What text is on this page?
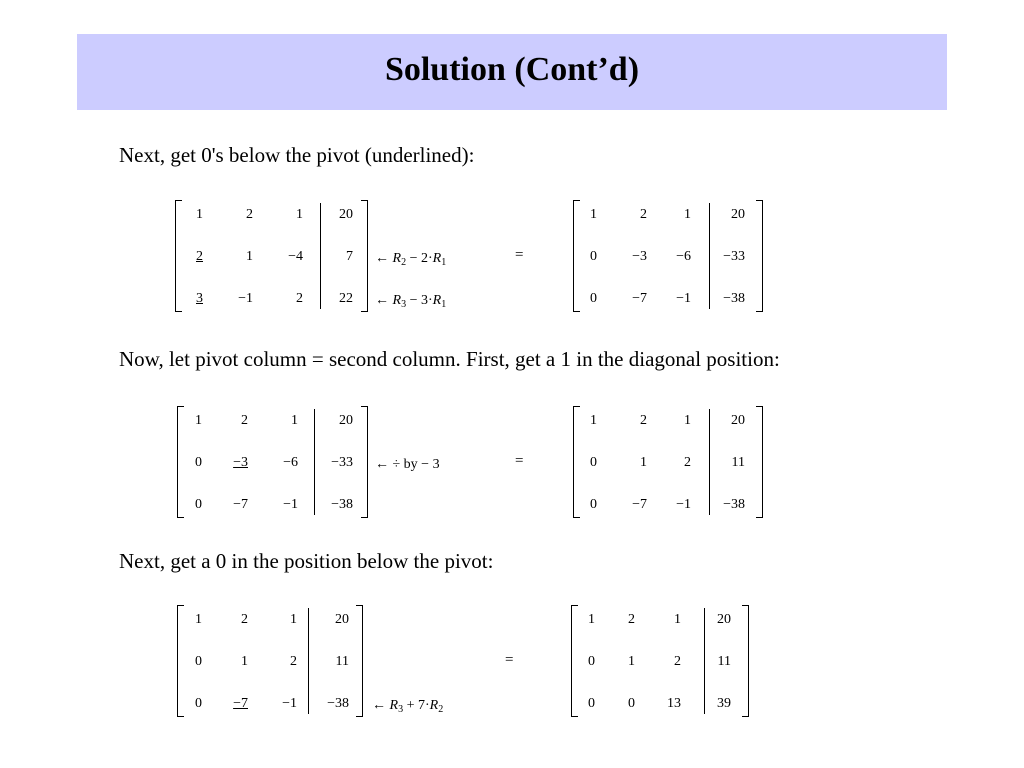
Solution (Cont’d)
Next, get 0's below the pivot (underlined):
Now, let pivot column = second column. First, get a 1 in the diagonal position:
Next, get a 0 in the position below the pivot:
1	2	1	20
2	1	−4	7
3	−1	2	22
1	2	1	20
0	−3	−6	−33
0	−7	−1	−38
← $R_2 - 2\cdot R_1$
← $R_3 - 3\cdot R_1$
=
1	2	1	20
0	−3	−6	−33
0	−7	−1	−38
1	2	1	20
0	1	2	11
0	−7	−1	−38
← ÷ by − 3	=
1	2	1	20
0	1	2	11
0	−7	−1	−38
1	2	1	20
0	1	2	11
0	0	13	39
← $R_3 + 7\cdot R_2$
=
